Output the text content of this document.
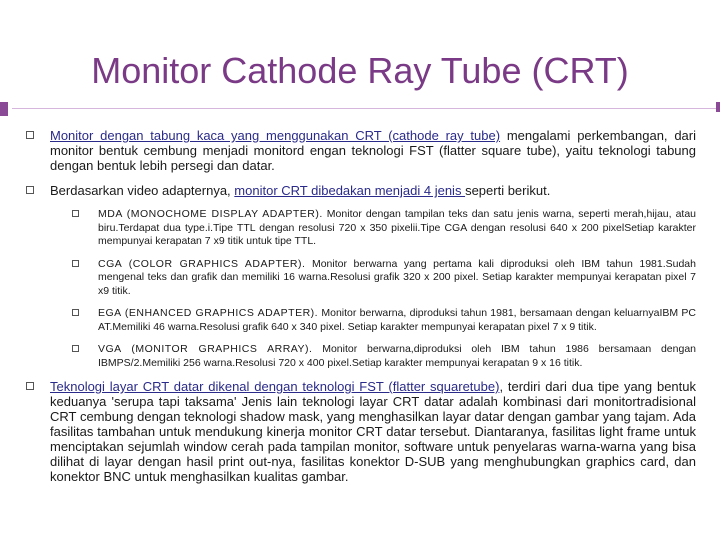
Monitor Cathode Ray Tube (CRT)
Monitor dengan tabung kaca yang menggunakan CRT (cathode ray tube) mengalami perkembangan, dari monitor bentuk cembung menjadi monitord engan teknologi FST (flatter square tube), yaitu teknologi tabung dengan bentuk lebih persegi dan datar.
Berdasarkan video adapternya, monitor CRT dibedakan menjadi 4 jenis seperti berikut.
MDA (MONOCHOME DISPLAY ADAPTER). Monitor dengan tampilan teks dan satu jenis warna, seperti merah,hijau, atau biru.Terdapat dua type.i.Tipe TTL dengan resolusi 720 x 350 pixelii.Tipe CGA dengan resolusi 640 x 200 pixelSetiap karakter mempunyai kerapatan 7 x9 titik untuk tipe TTL.
CGA (COLOR GRAPHICS ADAPTER). Monitor berwarna yang pertama kali diproduksi oleh IBM tahun 1981.Sudah mengenal teks dan grafik dan memiliki 16 warna.Resolusi grafik 320 x 200 pixel. Setiap karakter mempunyai kerapatan pixel 7 x9 titik.
EGA (ENHANCED GRAPHICS ADAPTER). Monitor berwarna, diproduksi tahun 1981, bersamaan dengan keluarnyaIBM PC AT.Memiliki 46 warna.Resolusi grafik 640 x 340 pixel. Setiap karakter mempunyai kerapatan pixel 7 x 9 titik.
VGA (MONITOR GRAPHICS ARRAY). Monitor berwarna,diproduksi oleh IBM tahun 1986 bersamaan dengan IBMPS/2.Memiliki 256 warna.Resolusi 720 x 400 pixel.Setiap karakter mempunyai kerapatan 9 x 16 titik.
Teknologi layar CRT datar dikenal dengan teknologi FST (flatter squaretube), terdiri dari dua tipe yang bentuk keduanya 'serupa tapi taksama' Jenis lain teknologi layar CRT datar adalah kombinasi dari monitortradisional CRT cembung dengan teknologi shadow mask, yang menghasilkan layar datar dengan gambar yang tajam. Ada fasilitas tambahan untuk mendukung kinerja monitor CRT datar tersebut. Diantaranya, fasilitas light frame untuk menciptakan sejumlah window cerah pada tampilan monitor, software untuk penyelaras warna-warna yang bisa dilihat di layar dengan hasil print out-nya, fasilitas konektor D-SUB yang menghubungkan graphics card, dan konektor BNC untuk menghasilkan kualitas gambar.
